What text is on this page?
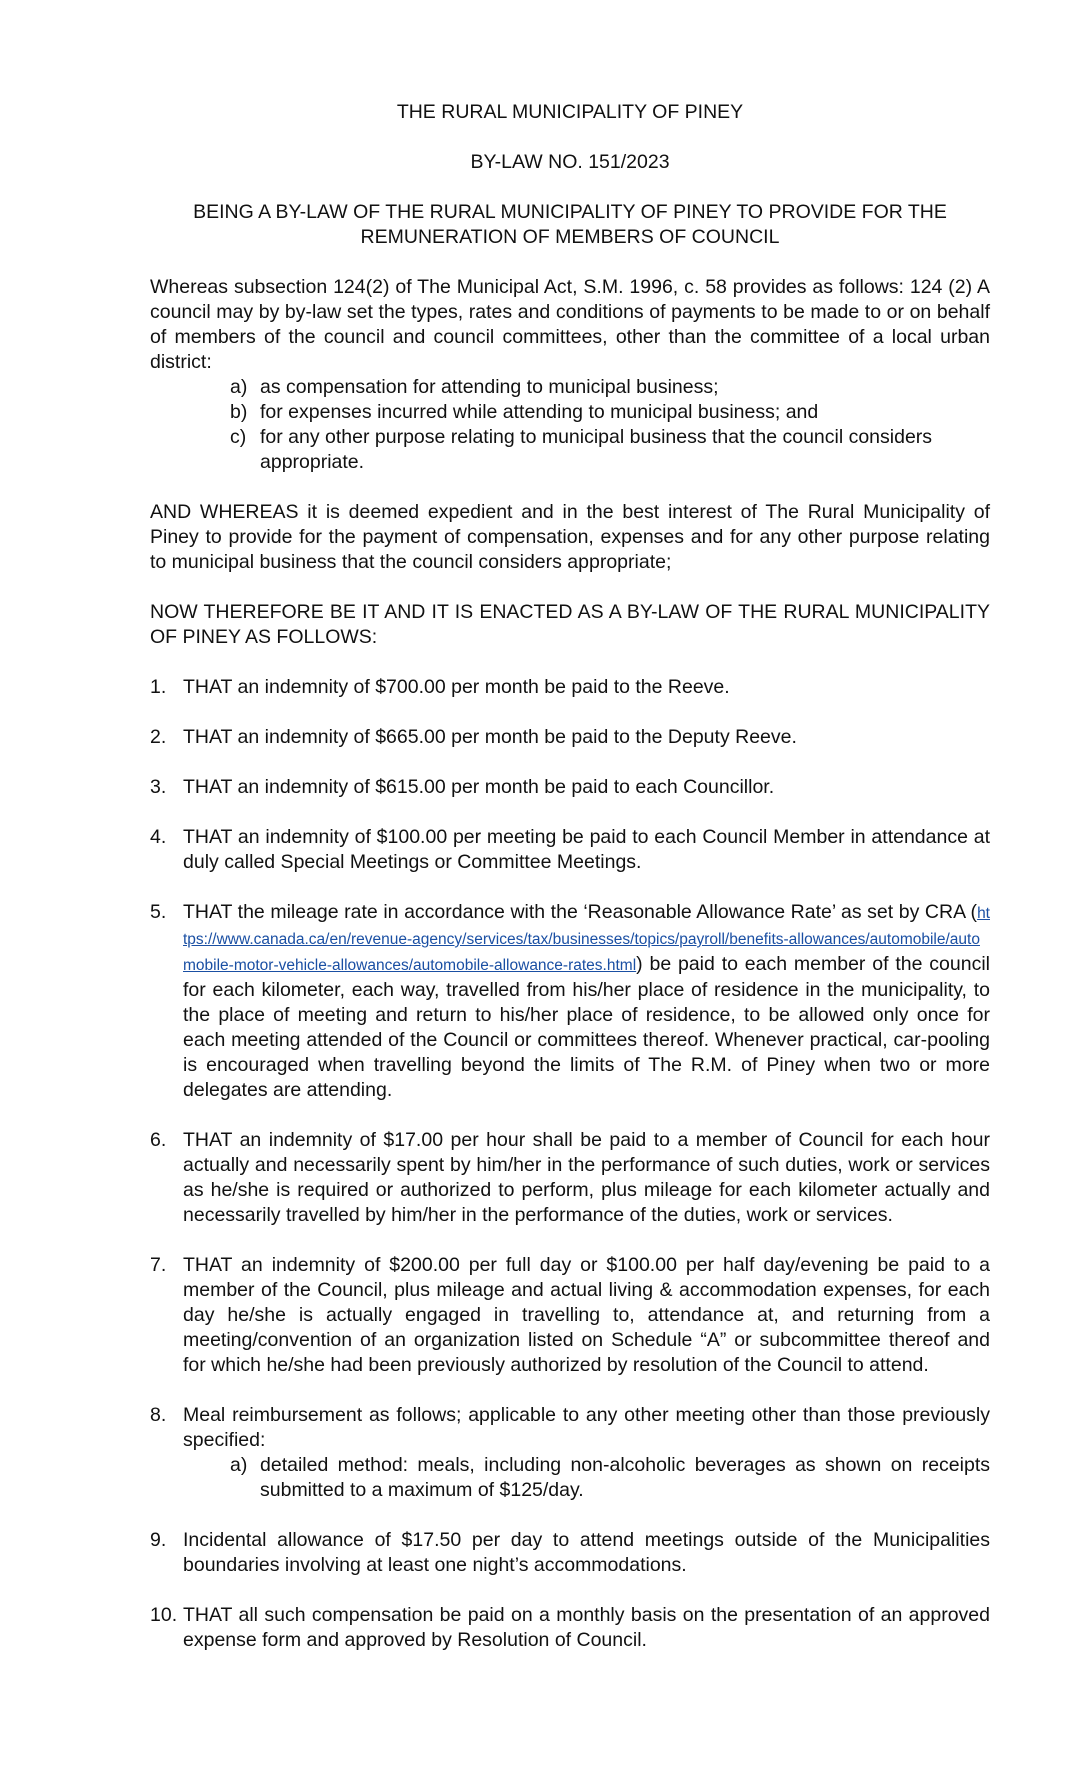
THE RURAL MUNICIPALITY OF PINEY

BY-LAW NO. 151/2023

BEING A BY-LAW OF THE RURAL MUNICIPALITY OF PINEY TO PROVIDE FOR THE REMUNERATION OF MEMBERS OF COUNCIL

Whereas subsection 124(2) of The Municipal Act, S.M. 1996, c. 58 provides as follows: 124 (2) A council may by by-law set the types, rates and conditions of payments to be made to or on behalf of members of the council and council committees, other than the committee of a local urban district:

a) as compensation for attending to municipal business;
b) for expenses incurred while attending to municipal business; and
c) for any other purpose relating to municipal business that the council considers appropriate.

AND WHEREAS it is deemed expedient and in the best interest of The Rural Municipality of Piney to provide for the payment of compensation, expenses and for any other purpose relating to municipal business that the council considers appropriate;

NOW THEREFORE BE IT AND IT IS ENACTED AS A BY-LAW OF THE RURAL MUNICIPALITY OF PINEY AS FOLLOWS:

1. THAT an indemnity of $700.00 per month be paid to the Reeve.
2. THAT an indemnity of $665.00 per month be paid to the Deputy Reeve.
3. THAT an indemnity of $615.00 per month be paid to each Councillor.
4. THAT an indemnity of $100.00 per meeting be paid to each Council Member in attendance at duly called Special Meetings or Committee Meetings.
5. THAT the mileage rate in accordance with the ‘Reasonable Allowance Rate’ as set by CRA (https://www.canada.ca/en/revenue-agency/services/tax/businesses/topics/payroll/benefits-allowances/automobile/automobile-motor-vehicle-allowances/automobile-allowance-rates.html) be paid to each member of the council for each kilometer, each way, travelled from his/her place of residence in the municipality, to the place of meeting and return to his/her place of residence, to be allowed only once for each meeting attended of the Council or committees thereof. Whenever practical, car-pooling is encouraged when travelling beyond the limits of The R.M. of Piney when two or more delegates are attending.
6. THAT an indemnity of $17.00 per hour shall be paid to a member of Council for each hour actually and necessarily spent by him/her in the performance of such duties, work or services as he/she is required or authorized to perform, plus mileage for each kilometer actually and necessarily travelled by him/her in the performance of the duties, work or services.
7. THAT an indemnity of $200.00 per full day or $100.00 per half day/evening be paid to a member of the Council, plus mileage and actual living & accommodation expenses, for each day he/she is actually engaged in travelling to, attendance at, and returning from a meeting/convention of an organization listed on Schedule “A” or subcommittee thereof and for which he/she had been previously authorized by resolution of the Council to attend.
8. Meal reimbursement as follows; applicable to any other meeting other than those previously specified:
a) detailed method: meals, including non-alcoholic beverages as shown on receipts submitted to a maximum of $125/day.
9. Incidental allowance of $17.50 per day to attend meetings outside of the Municipalities boundaries involving at least one night’s accommodations.
10. THAT all such compensation be paid on a monthly basis on the presentation of an approved expense form and approved by Resolution of Council.
